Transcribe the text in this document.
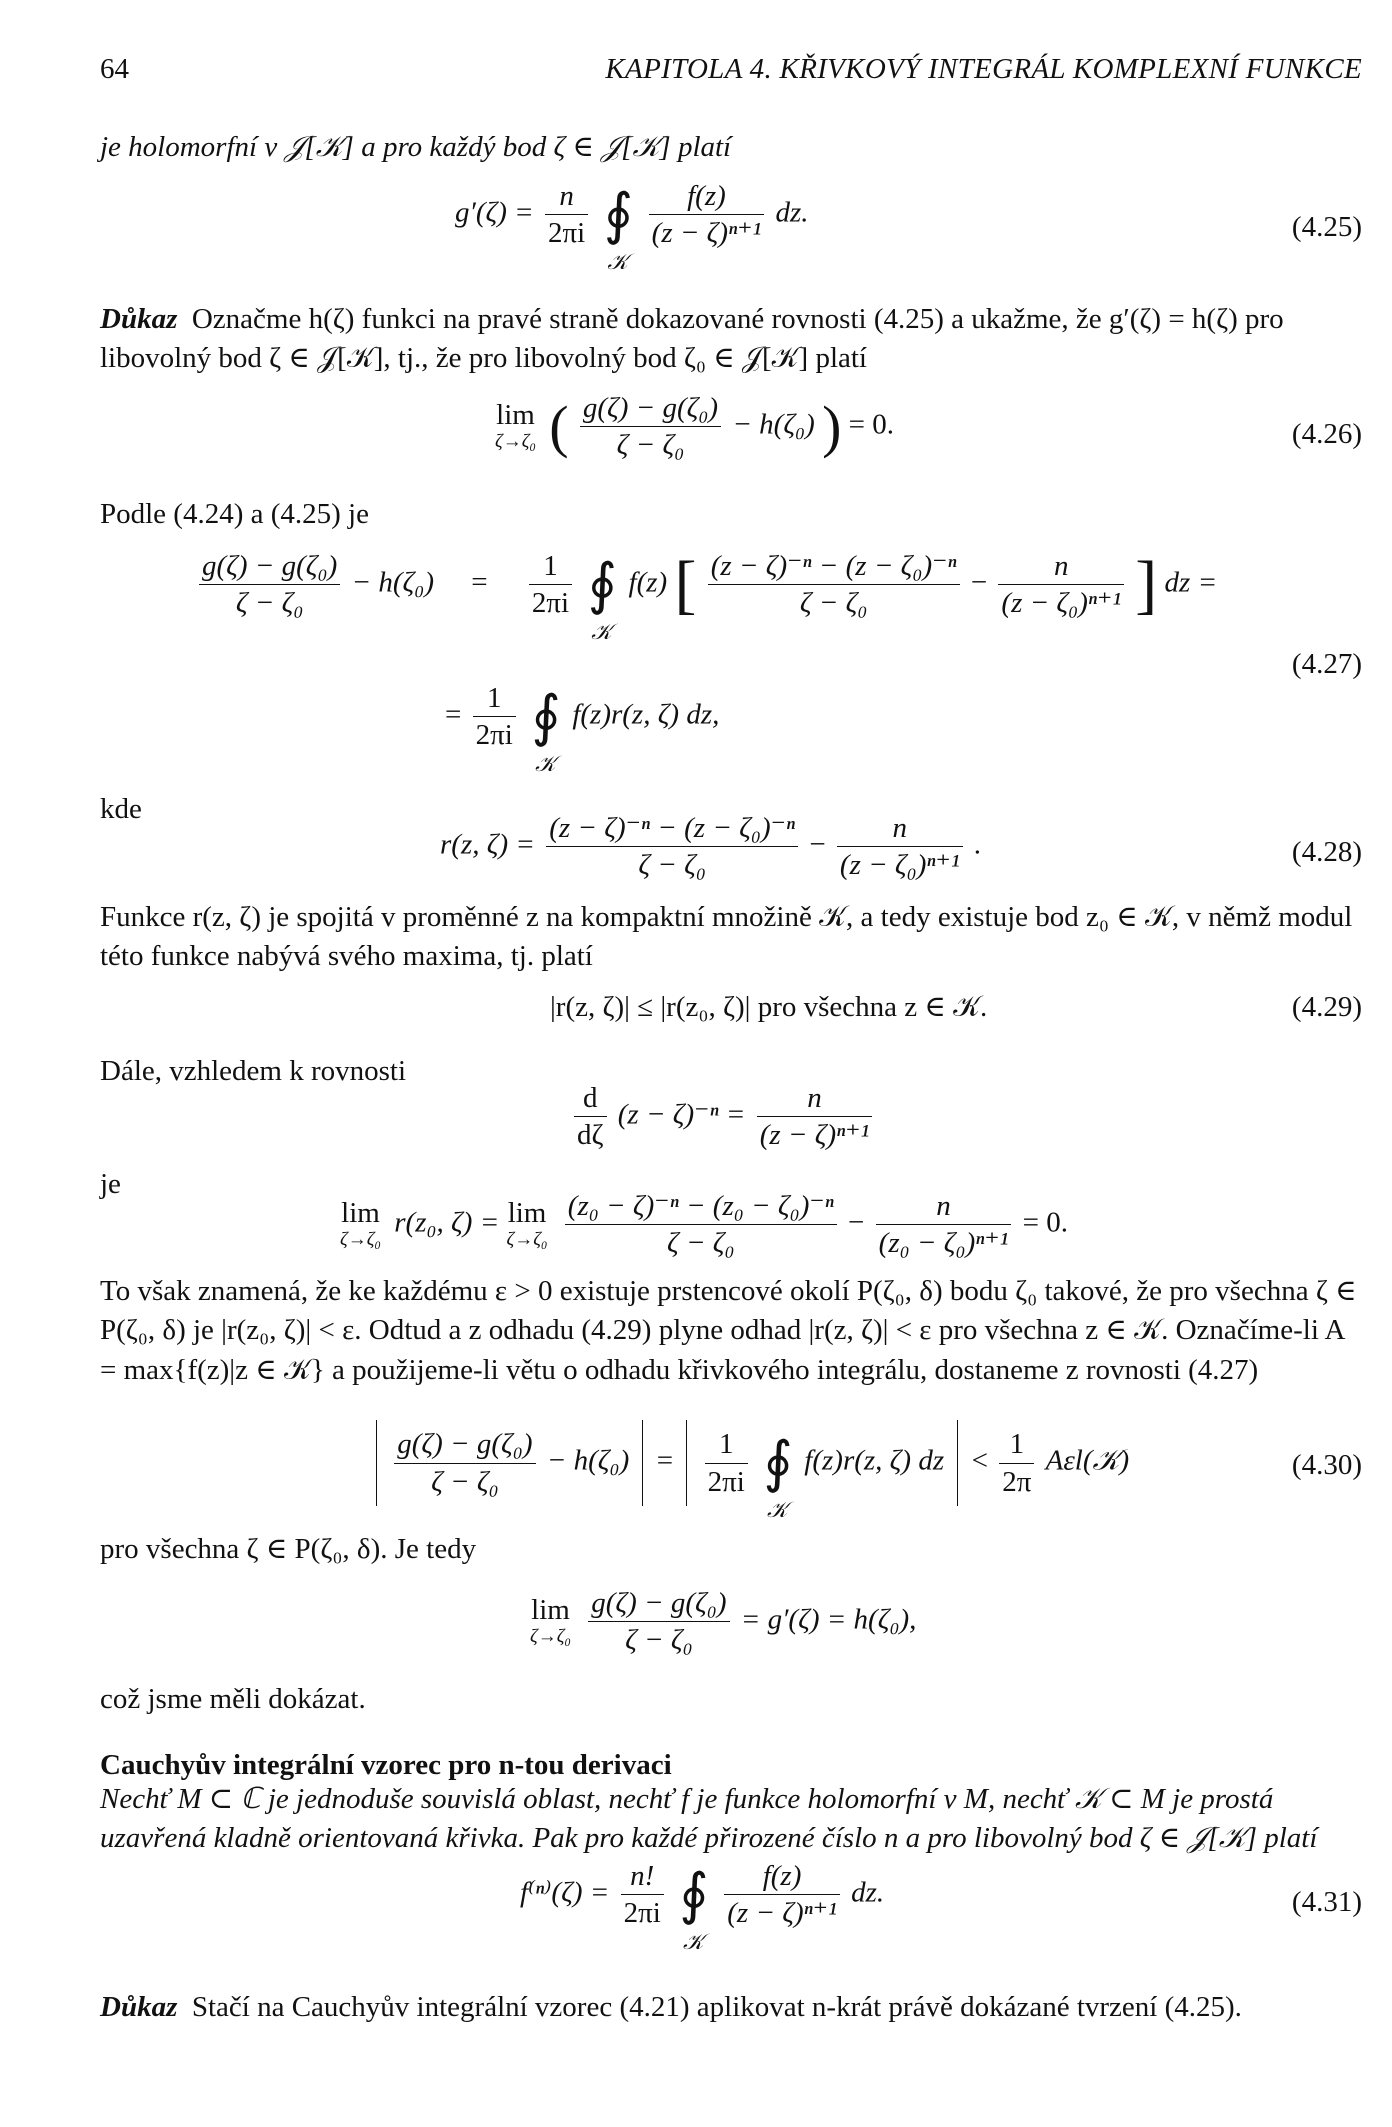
64	KAPITOLA 4. KŘIVKOVÝ INTEGRÁL KOMPLEXNÍ FUNKCE
je holomorfní v 𝒥[𝒦] a pro každý bod ζ ∈ 𝒥[𝒦] platí
$g'(\zeta) = \frac{n}{2\pi i}$ ∮
𝒦

$\frac{f(z)}{\text{(z − ζ)ⁿ⁺¹}}$ dz.	(4.25)
Důkaz Označme h(ζ) funkci na pravé straně dokazované rovnosti (4.25) a ukažme, že g′(ζ) = h(ζ) pro libovolný bod ζ ∈ 𝒥[𝒦], tj., že pro libovolný bod ζ₀ ∈ 𝒥[𝒦] platí
lim
ζ→ζ₀ ( $\frac{\text{g(ζ) − g(ζ₀)}}{\text{ζ − ζ₀}} - h(\zeta_0)$ ) = 0.	(4.26)
Podle (4.24) a (4.25) je
$\frac{\text{g(ζ) − g(ζ₀)}}{\text{ζ − ζ₀}} - h(\zeta_0) = \frac{1}{2\pi i}$ ∮
𝒦
f(z) [ $\frac{\text{(z − ζ)⁻ⁿ − (z − ζ₀)⁻ⁿ}}{\text{ζ − ζ₀}} - \frac{n}{\text{(z − ζ₀)ⁿ⁺¹}}$ ] dz =
(4.27)
= $\frac{1}{2\pi i}$ ∮
𝒦
f(z)r(z, ζ) dz,
kde
r(z, $\zeta) = \frac{\text{(z − ζ)⁻ⁿ − (z − ζ₀)⁻ⁿ}}{\text{ζ − ζ₀}} - \frac{n}{\text{(z − ζ₀)ⁿ⁺¹}}$ .	(4.28)
Funkce r(z, ζ) je spojitá v proměnné z na kompaktní množině 𝒦, a tedy existuje bod z₀ ∈ 𝒦, v němž modul této funkce nabývá svého maxima, tj. platí
|r(z, ζ)| ≤ |r(z₀, ζ)| pro všechna z ∈ 𝒦.	(4.29)
Dále, vzhledem k rovnosti
$\frac{d}{d\zeta} (z - \zeta)^{-n} = \frac{n}{\text{(z − ζ)ⁿ⁺¹}}$
je
lim
ζ→ζ₀
r(z₀, ζ) = lim
ζ→ζ₀
$\frac{\text{(z₀ − ζ)⁻ⁿ − (z₀ − ζ₀)⁻ⁿ}}{\text{ζ − ζ₀}} - \frac{n}{\text{(z₀ − ζ₀)ⁿ⁺¹}} = 0$.
To však znamená, že ke každému ε > 0 existuje prstencové okolí P(ζ₀, δ) bodu ζ₀ takové, že pro všechna ζ ∈ P(ζ₀, δ) je |r(z₀, ζ)| < ε. Odtud a z odhadu (4.29) plyne odhad |r(z, ζ)| < ε pro všechna z ∈ 𝒦. Označíme-li A = max{f(z)|z ∈ 𝒦} a použijeme-li větu o odhadu křivkového integrálu, dostaneme z rovnosti (4.27)

$\frac{\text{g(ζ) − g(ζ₀)}}{\text{ζ − ζ₀}} - h(\zeta_0) = \frac{1}{2\pi i}$ ∮
𝒦
f(z)r(z, ζ) dz < $\frac{1}{2\pi}$ Aεl(𝒦)	(4.30)
pro všechna ζ ∈ P(ζ₀, δ). Je tedy
lim
ζ→ζ₀
$\frac{\text{g(ζ) − g(ζ₀)}}{\text{ζ − ζ₀}} = g'(\zeta) = h(\zeta_0)$,
což jsme měli dokázat.
Cauchyův integrální vzorec pro n-tou derivaci
Nechť M ⊂ ℂ je jednoduše souvislá oblast, nechť f je funkce holomorfní v M, nechť 𝒦 ⊂ M je prostá uzavřená kladně orientovaná křivka. Pak pro každé přirozené číslo n a pro libovolný bod ζ ∈ 𝒥[𝒦] platí
$f^{(n)}(\zeta) = \frac{n!}{2\pi i}$ ∮
𝒦

$\frac{f(z)}{\text{(z − ζ)ⁿ⁺¹}}$ dz.	(4.31)
Důkaz Stačí na Cauchyův integrální vzorec (4.21) aplikovat n-krát právě dokázané tvrzení (4.25).
